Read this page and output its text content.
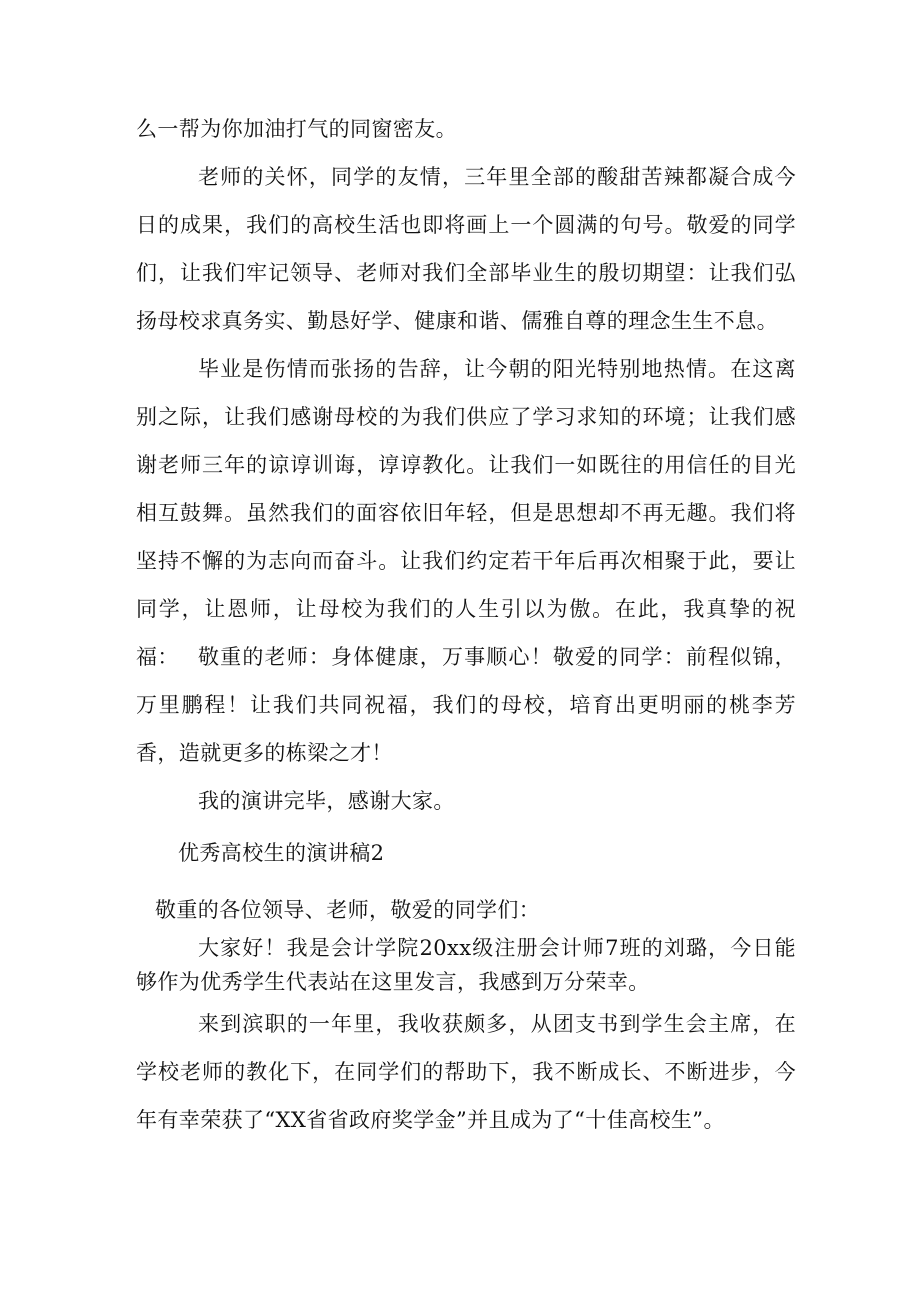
么一帮为你加油打气的同窗密友。

老师的关怀，同学的友情，三年里全部的酸甜苦辣都凝合成今日的成果，我们的高校生活也即将画上一个圆满的句号。敬爱的同学们，让我们牢记领导、老师对我们全部毕业生的殷切期望：让我们弘扬母校求真务实、勤恳好学、健康和谐、儒雅自尊的理念生生不息。

毕业是伤情而张扬的告辞，让今朝的阳光特别地热情。在这离别之际，让我们感谢母校的为我们供应了学习求知的环境；让我们感谢老师三年的谅谆训诲，谆谆教化。让我们一如既往的用信任的目光相互鼓舞。虽然我们的面容依旧年轻，但是思想却不再无趣。我们将坚持不懈的为志向而奋斗。让我们约定若干年后再次相聚于此，要让同学，让恩师，让母校为我们的人生引以为傲。在此，我真挚的祝福： 敬重的老师：身体健康，万事顺心！敬爱的同学：前程似锦，万里鹏程！让我们共同祝福，我们的母校，培育出更明丽的桃李芳香，造就更多的栋梁之才！

我的演讲完毕，感谢大家。

优秀高校生的演讲稿2

敬重的各位领导、老师，敬爱的同学们：

大家好！我是会计学院20xx级注册会计师7班的刘璐，今日能够作为优秀学生代表站在这里发言，我感到万分荣幸。

来到滨职的一年里，我收获颇多，从团支书到学生会主席，在学校老师的教化下，在同学们的帮助下，我不断成长、不断进步，今年有幸荣获了“XX省省政府奖学金”并且成为了“十佳高校生”。
